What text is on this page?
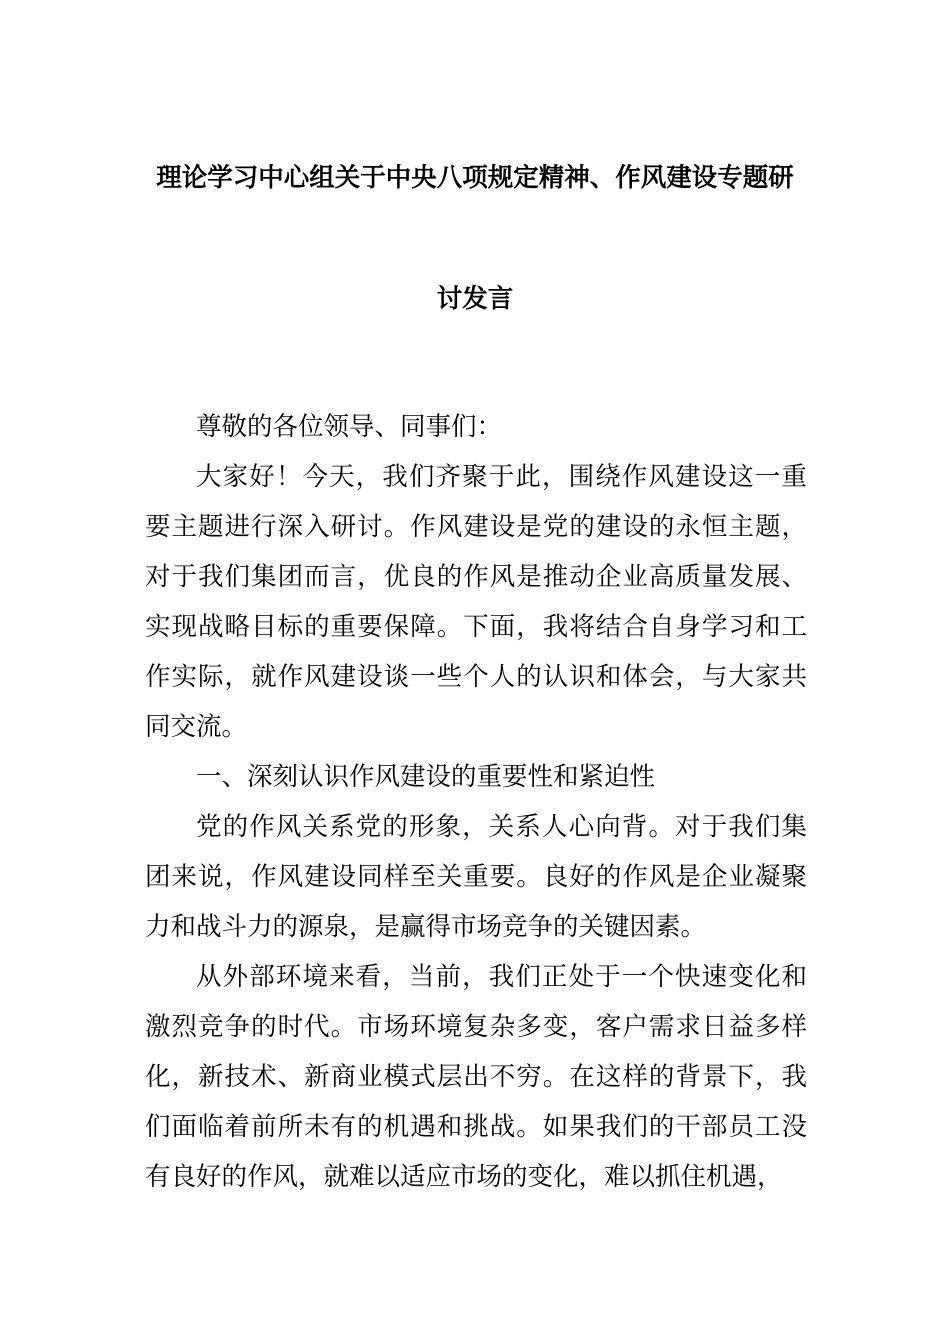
理论学习中心组关于中央八项规定精神、作风建设专题研
讨发言

尊敬的各位领导、同事们：

大家好！今天，我们齐聚于此，围绕作风建设这一重要主题进行深入研讨。作风建设是党的建设的永恒主题，对于我们集团而言，优良的作风是推动企业高质量发展、实现战略目标的重要保障。下面，我将结合自身学习和工作实际，就作风建设谈一些个人的认识和体会，与大家共同交流。

一、深刻认识作风建设的重要性和紧迫性

党的作风关系党的形象，关系人心向背。对于我们集团来说，作风建设同样至关重要。良好的作风是企业凝聚力和战斗力的源泉，是赢得市场竞争的关键因素。

从外部环境来看，当前，我们正处于一个快速变化和激烈竞争的时代。市场环境复杂多变，客户需求日益多样化，新技术、新商业模式层出不穷。在这样的背景下，我们面临着前所未有的机遇和挑战。如果我们的干部员工没有良好的作风，就难以适应市场的变化，难以抓住机遇，
